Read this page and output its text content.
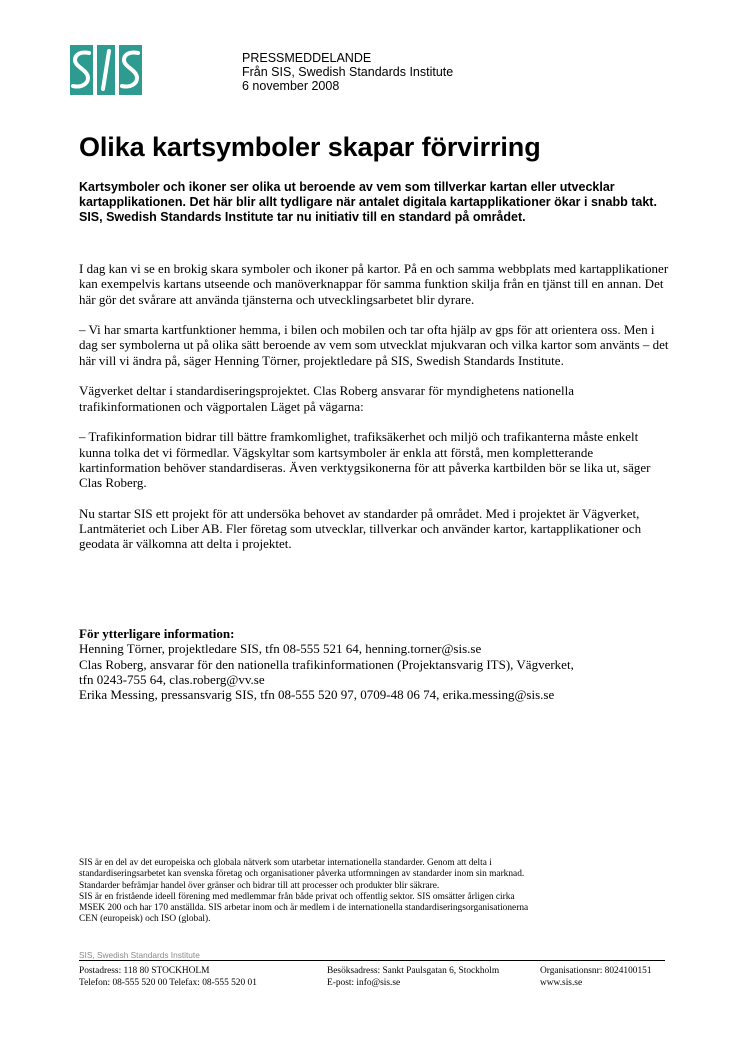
PRESSMEDDELANDE
Från SIS, Swedish Standards Institute
6 november 2008
Olika kartsymboler skapar förvirring

Kartsymboler och ikoner ser olika ut beroende av vem som tillverkar kartan eller utvecklar kartapplikationen. Det här blir allt tydligare när antalet digitala kartapplikationer ökar i snabb takt. SIS, Swedish Standards Institute tar nu initiativ till en standard på området.

I dag kan vi se en brokig skara symboler och ikoner på kartor. På en och samma webbplats med kartapplikationer kan exempelvis kartans utseende och manöverknappar för samma funktion skilja från en tjänst till en annan. Det här gör det svårare att använda tjänsterna och utvecklingsarbetet blir dyrare.

– Vi har smarta kartfunktioner hemma, i bilen och mobilen och tar ofta hjälp av gps för att orientera oss. Men i dag ser symbolerna ut på olika sätt beroende av vem som utvecklat mjukvaran och vilka kartor som använts – det här vill vi ändra på, säger Henning Törner, projektledare på SIS, Swedish Standards Institute.

Vägverket deltar i standardiseringsprojektet. Clas Roberg ansvarar för myndighetens nationella trafikinformationen och vägportalen Läget på vägarna:

– Trafikinformation bidrar till bättre framkomlighet, trafiksäkerhet och miljö och trafikanterna måste enkelt kunna tolka det vi förmedlar. Vägskyltar som kartsymboler är enkla att förstå, men kompletterande kartinformation behöver standardiseras. Även verktygsikonerna för att påverka kartbilden bör se lika ut, säger Clas Roberg.

Nu startar SIS ett projekt för att undersöka behovet av standarder på området. Med i projektet är Vägverket, Lantmäteriet och Liber AB. Fler företag som utvecklar, tillverkar och använder kartor, kartapplikationer och geodata är välkomna att delta i projektet.

För ytterligare information:
Henning Törner, projektledare SIS, tfn 08-555 521 64, henning.torner@sis.se
Clas Roberg, ansvarar för den nationella trafikinformationen (Projektansvarig ITS), Vägverket,
tfn 0243-755 64, clas.roberg@vv.se
Erika Messing, pressansvarig SIS, tfn 08-555 520 97, 0709-48 06 74, erika.messing@sis.se
SIS är en del av det europeiska och globala nätverk som utarbetar internationella standarder. Genom att delta i
standardiseringsarbetet kan svenska företag och organisationer påverka utformningen av standarder inom sin marknad.
Standarder befrämjar handel över gränser och bidrar till att processer och produkter blir säkrare.
SIS är en fristående ideell förening med medlemmar från både privat och offentlig sektor. SIS omsätter årligen cirka
MSEK 200 och har 170 anställda. SIS arbetar inom och är medlem i de internationella standardiseringsorganisationerna
CEN (europeisk) och ISO (global).
SIS, Swedish Standards Institute
Postadress: 118 80 STOCKHOLM
Telefon: 08-555 520 00 Telefax: 08-555 520 01
Besöksadress: Sankt Paulsgatan 6, Stockholm
E-post: info@sis.se
Organisationsnr: 8024100151
www.sis.se
